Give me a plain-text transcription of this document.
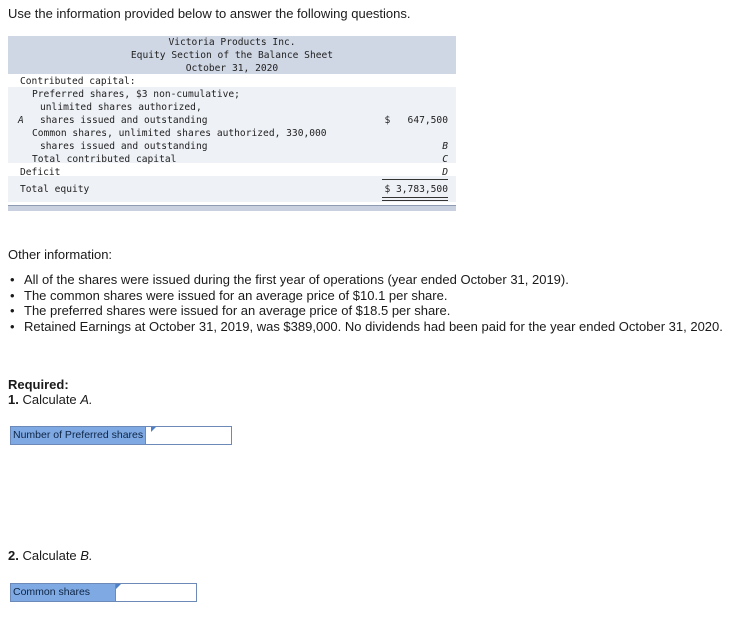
Use the information provided below to answer the following questions.
Victoria Products Inc.
Equity Section of the Balance Sheet
October 31, 2020
Contributed capital:
Preferred shares, $3 non-cumulative;
unlimited shares authorized,
A shares issued and outstanding	$   647,500
Common shares, unlimited shares authorized, 330,000
shares issued and outstanding	B
Total contributed capital	C
Deficit	D
Total equity	$ 3,783,500
Other information:
• All of the shares were issued during the first year of operations (year ended October 31, 2019).
• The common shares were issued for an average price of $10.1 per share.
• The preferred shares were issued for an average price of $18.5 per share.
• Retained Earnings at October 31, 2019, was $389,000. No dividends had been paid for the year ended October 31, 2020.
Required:
1. Calculate A.
Number of Preferred shares
2. Calculate B.
Common shares
